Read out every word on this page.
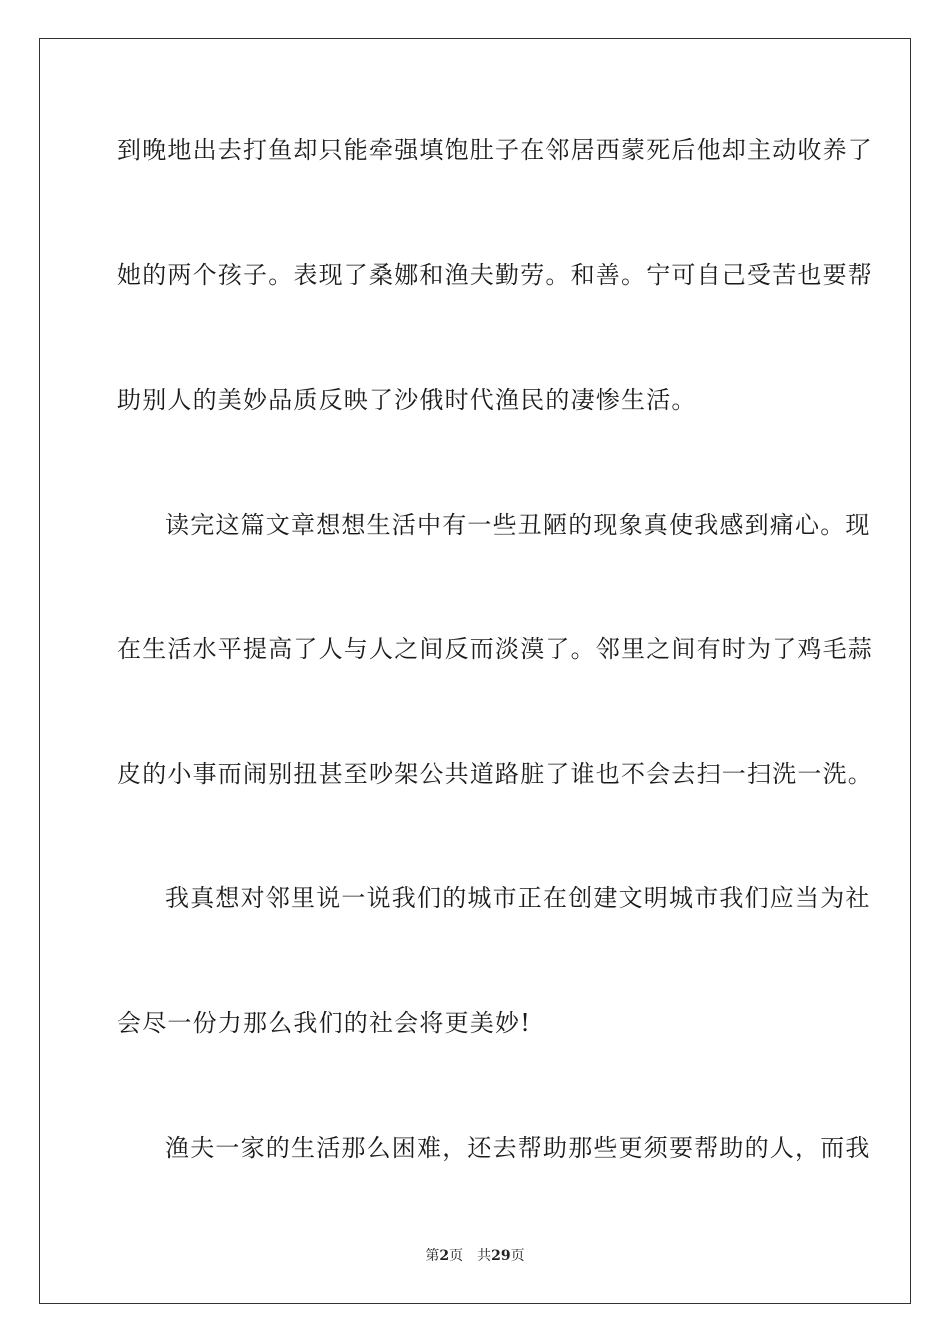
到晚地出去打鱼却只能牵强填饱肚子在邻居西蒙死后他却主动收养了
她的两个孩子。表现了桑娜和渔夫勤劳。和善。宁可自己受苦也要帮
助别人的美妙品质反映了沙俄时代渔民的凄惨生活。
读完这篇文章想想生活中有一些丑陋的现象真使我感到痛心。现
在生活水平提高了人与人之间反而淡漠了。邻里之间有时为了鸡毛蒜
皮的小事而闹别扭甚至吵架公共道路脏了谁也不会去扫一扫洗一洗。
我真想对邻里说一说我们的城市正在创建文明城市我们应当为社
会尽一份力那么我们的社会将更美妙!
渔夫一家的生活那么困难，还去帮助那些更须要帮助的人，而我
第2页 共29页
